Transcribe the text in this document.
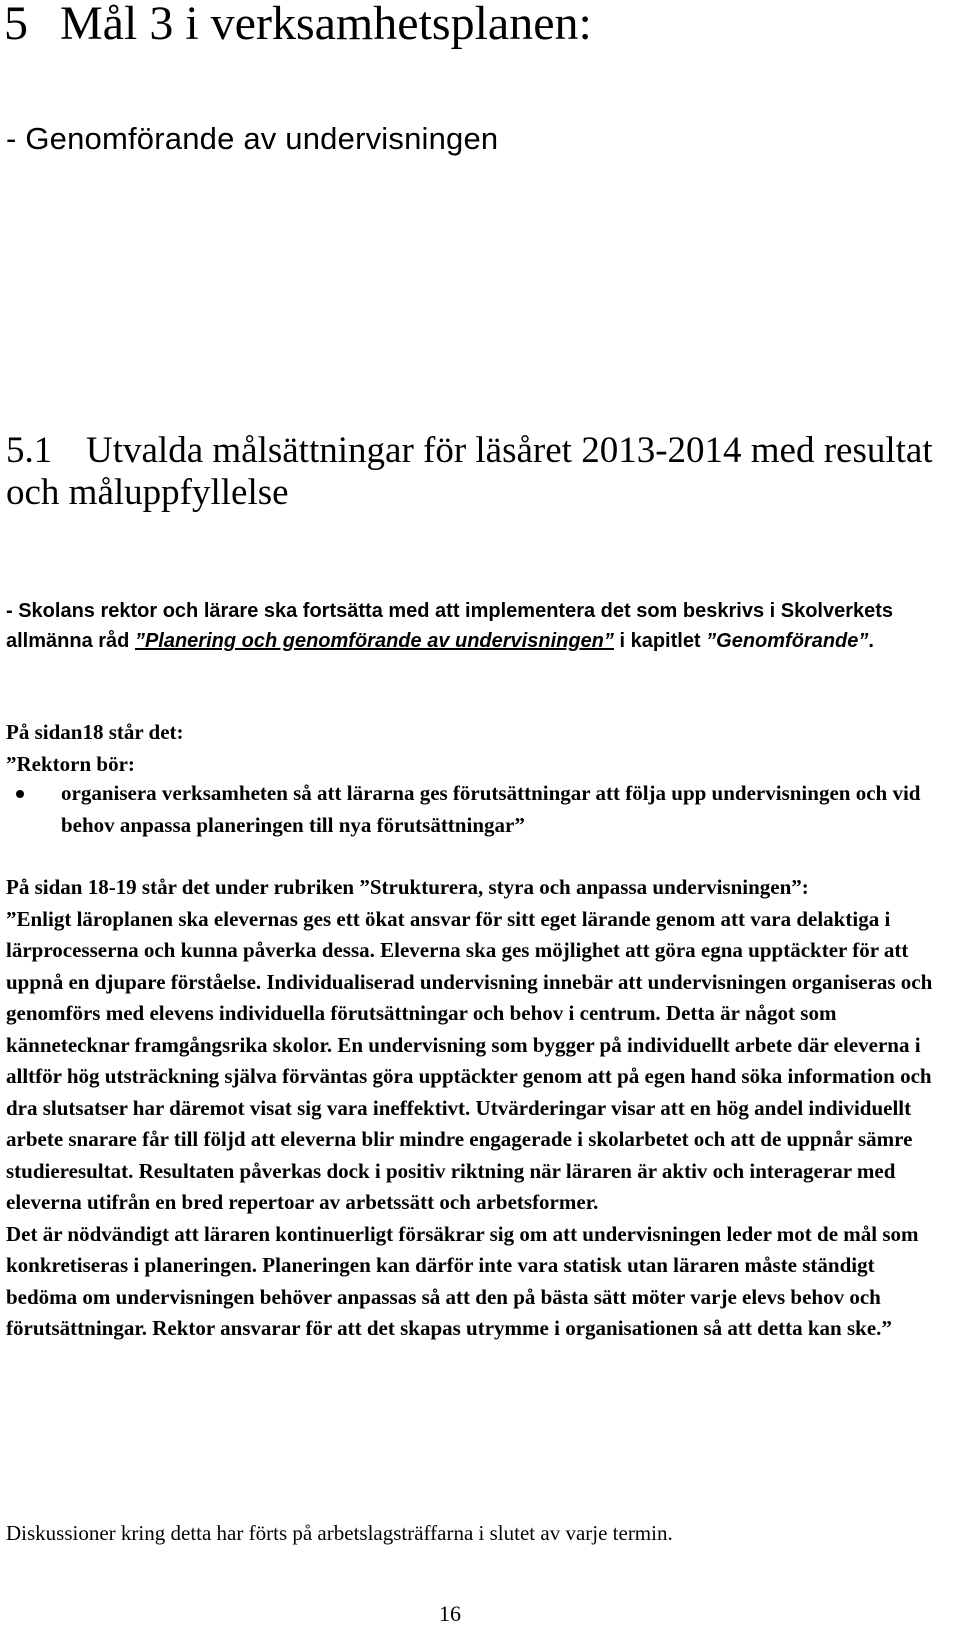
5 Mål 3 i verksamhetsplanen:
- Genomförande av undervisningen
5.1 Utvalda målsättningar för läsåret 2013-2014 med resultat och måluppfyllelse
- Skolans rektor och lärare ska fortsätta med att implementera det som beskrivs i Skolverkets allmänna råd ”Planering och genomförande av undervisningen” i kapitlet ”Genomförande”.
På sidan18 står det:
”Rektorn bör:
organisera verksamheten så att lärarna ges förutsättningar att följa upp undervisningen och vid behov anpassa planeringen till nya förutsättningar”
På sidan 18-19 står det under rubriken ”Strukturera, styra och anpassa undervisningen”:
”Enligt läroplanen ska elevernas ges ett ökat ansvar för sitt eget lärande genom att vara delaktiga i lärprocesserna och kunna påverka dessa. Eleverna ska ges möjlighet att göra egna upptäckter för att uppnå en djupare förståelse. Individualiserad undervisning innebär att undervisningen organiseras och genomförs med elevens individuella förutsättningar och behov i centrum. Detta är något som kännetecknar framgångsrika skolor. En undervisning som bygger på individuellt arbete där eleverna i alltför hög utsträckning själva förväntas göra upptäckter genom att på egen hand söka information och dra slutsatser har däremot visat sig vara ineffektivt. Utvärderingar visar att en hög andel individuellt arbete snarare får till följd att eleverna blir mindre engagerade i skolarbetet och att de uppnår sämre studieresultat. Resultaten påverkas dock i positiv riktning när läraren är aktiv och interagerar med eleverna utifrån en bred repertoar av arbetssätt och arbetsformer.
Det är nödvändigt att läraren kontinuerligt försäkrar sig om att undervisningen leder mot de mål som konkretiseras i planeringen. Planeringen kan därför inte vara statisk utan läraren måste ständigt bedöma om undervisningen behöver anpassas så att den på bästa sätt möter varje elevs behov och förutsättningar. Rektor ansvarar för att det skapas utrymme i organisationen så att detta kan ske.”
Diskussioner kring detta har förts på arbetslagsträffarna i slutet av varje termin.
16
